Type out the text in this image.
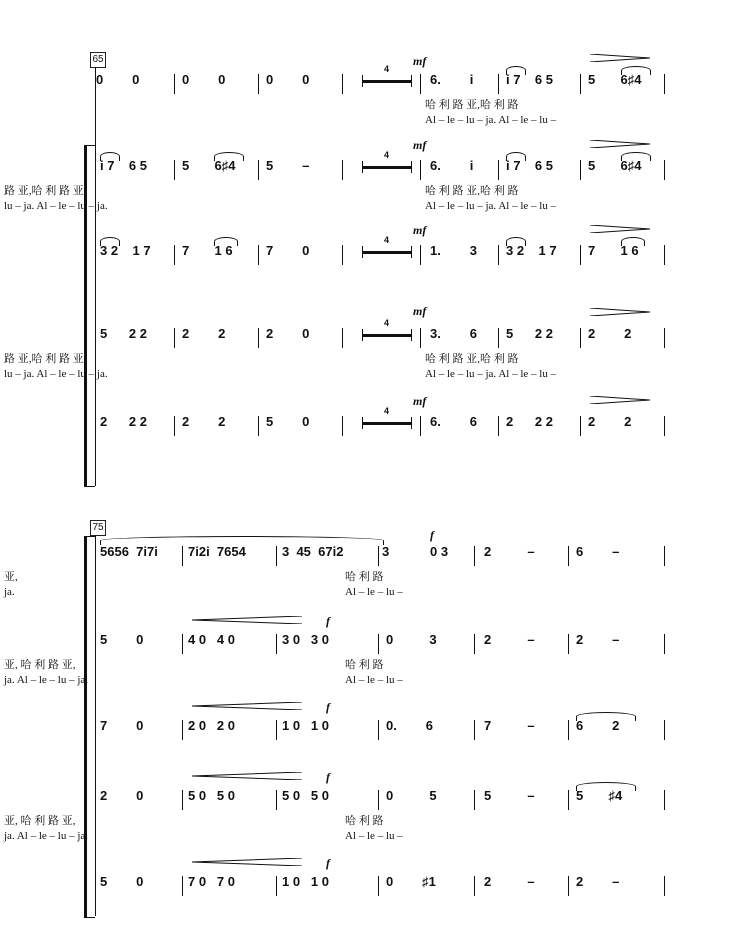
65	mf
0        0	0        0	0        0
4
6.        i	i 7    6 5	5       6♯4
哈 利 路 亚,哈 利 路
Al – le – lu – ja. Al – le – lu –
mf
i 7    6 5	5       6♯4 5        –
4
6.        i	i 7    6 5	5       6♯4
路 亚,哈 利 路 亚,
lu – ja. Al – le – lu – ja.
哈 利 路 亚,哈 利 路
Al – le – lu – ja. Al – le – lu –
mf
3 2    1 7 7       1 6	7        0
4
1.        3 3 2    1 7 7       1 6
mf
5      2 2	2        2	2        0
4
3.        6 5      2 2	2        2
路 亚,哈 利 路 亚,
lu – ja. Al – le – lu – ja.
哈 利 路 亚,哈 利 路
Al – le – lu – ja. Al – le – lu –
mf
2      2 2	2        2	5        0
4
6.        6 2      2 2	2        2
75
f
5656  7i7i 7i2i  7654	3  45  67i2	3	0 3	2          –	6        –
亚,
ja.
哈 利 路
Al – le – lu –
f
5        0	4 0   4 0	3 0   3 0	0          3	2          –	2        –
亚, 哈 利 路 亚,
ja. Al – le – lu – ja.
哈 利 路
Al – le – lu –
f
7        0	2 0   2 0	1 0   1 0	0.        6	7          –	6        2
f
2        0	5 0   5 0	5 0   5 0	0          5	5          –	5       ♯4
亚, 哈 利 路 亚,
ja. Al – le – lu – ja.
哈 利 路
Al – le – lu –
f
5        0	7 0   7 0	1 0   1 0	0        ♯1	2          –	2        –
